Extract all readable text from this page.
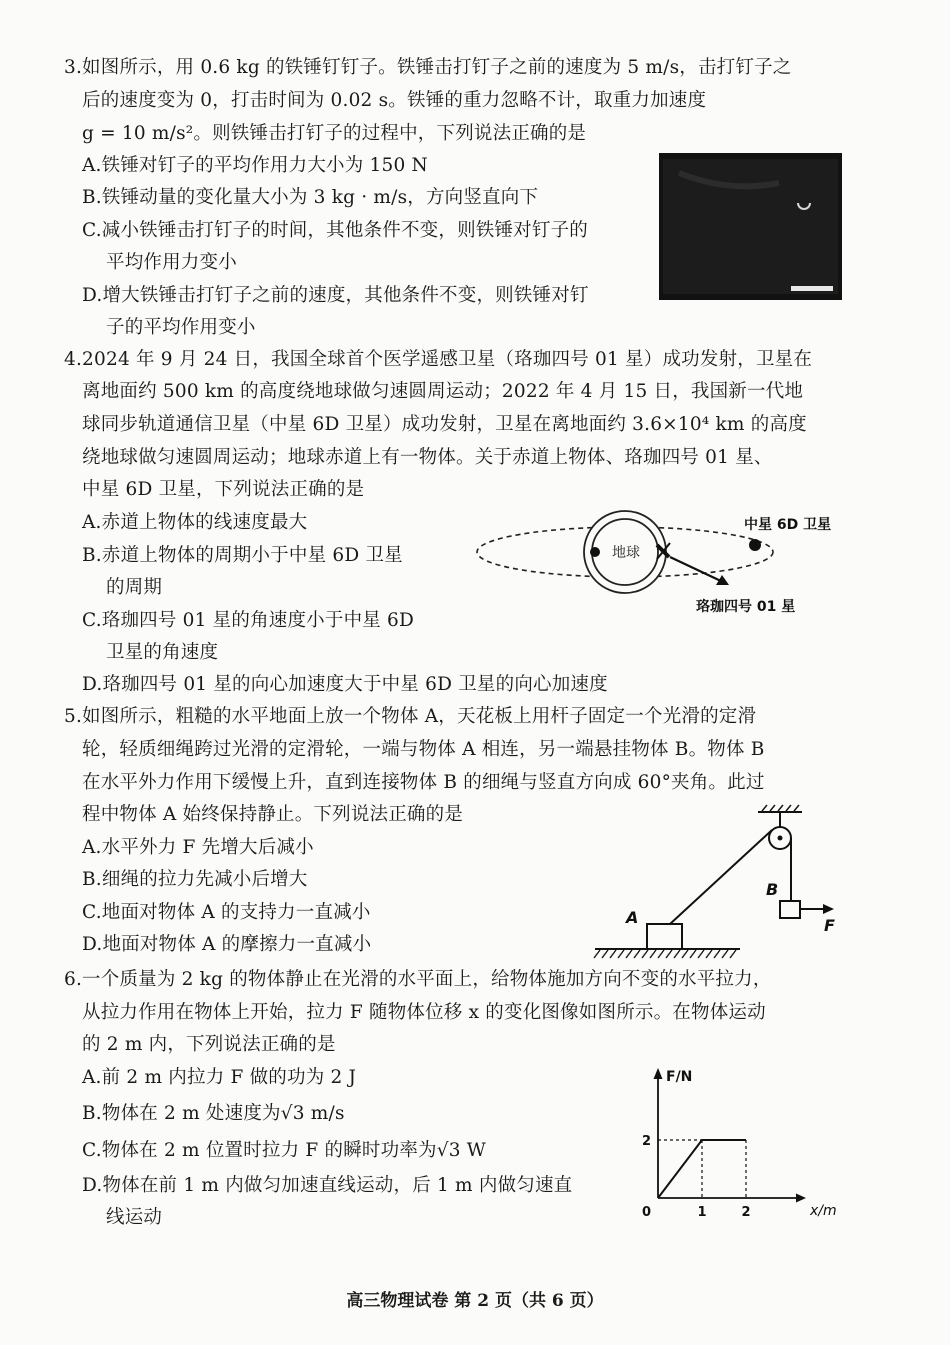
3.如图所示，用 0.6 kg 的铁锤钉钉子。铁锤击打钉子之前的速度为 5 m/s，击打钉子之
后的速度变为 0，打击时间为 0.02 s。铁锤的重力忽略不计，取重力加速度
g = 10 m/s²。则铁锤击打钉子的过程中，下列说法正确的是
A.铁锤对钉子的平均作用力大小为 150 N
B.铁锤动量的变化量大小为 3 kg · m/s，方向竖直向下
C.减小铁锤击打钉子的时间，其他条件不变，则铁锤对钉子的
平均作用力变小
D.增大铁锤击打钉子之前的速度，其他条件不变，则铁锤对钉
子的平均作用变小
4.2024 年 9 月 24 日，我国全球首个医学遥感卫星（珞珈四号 01 星）成功发射，卫星在
离地面约 500 km 的高度绕地球做匀速圆周运动；2022 年 4 月 15 日，我国新一代地
球同步轨道通信卫星（中星 6D 卫星）成功发射，卫星在离地面约 3.6×10⁴ km 的高度
绕地球做匀速圆周运动；地球赤道上有一物体。关于赤道上物体、珞珈四号 01 星、
中星 6D 卫星，下列说法正确的是
A.赤道上物体的线速度最大
B.赤道上物体的周期小于中星 6D 卫星
的周期
C.珞珈四号 01 星的角速度小于中星 6D
卫星的角速度
D.珞珈四号 01 星的向心加速度大于中星 6D 卫星的向心加速度
地球
中星 6D 卫星
珞珈四号 01 星
5.如图所示，粗糙的水平地面上放一个物体 A，天花板上用杆子固定一个光滑的定滑
轮，轻质细绳跨过光滑的定滑轮，一端与物体 A 相连，另一端悬挂物体 B。物体 B
在水平外力作用下缓慢上升，直到连接物体 B 的细绳与竖直方向成 60°夹角。此过
程中物体 A 始终保持静止。下列说法正确的是
A.水平外力 F 先增大后减小
B.细绳的拉力先减小后增大
C.地面对物体 A 的支持力一直减小
D.地面对物体 A 的摩擦力一直减小
A
B
F
6.一个质量为 2 kg 的物体静止在光滑的水平面上，给物体施加方向不变的水平拉力，
从拉力作用在物体上开始，拉力 F 随物体位移 x 的变化图像如图所示。在物体运动
的 2 m 内，下列说法正确的是
A.前 2 m 内拉力 F 做的功为 2 J
B.物体在 2 m 处速度为√3 m/s
C.物体在 2 m 位置时拉力 F 的瞬时功率为√3 W
D.物体在前 1 m 内做匀加速直线运动，后 1 m 内做匀速直
线运动
F/N
x/m
0	1	2
2
高三物理试卷 第 2 页（共 6 页）
